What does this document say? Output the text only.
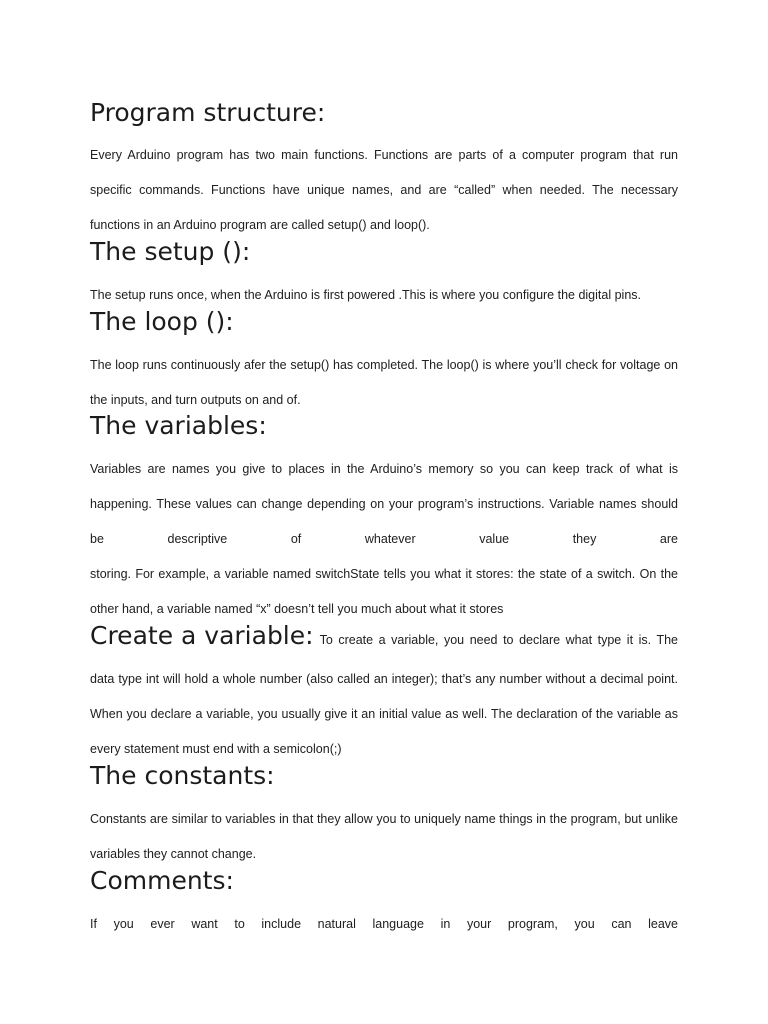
Program structure:
Every Arduino program has two main functions. Functions are parts of a computer program that run
specific commands. Functions have unique names, and are “called” when needed. The necessary
functions in an Arduino program are called setup() and loop().
The setup ():
The setup runs once, when the Arduino is first powered .This is where you configure the digital pins.
The loop ():
The loop runs continuously afer the setup() has completed. The loop() is where you’ll check for voltage on
the inputs, and turn outputs on and of.
The variables:
Variables are names you give to places in the Arduino’s memory so you can keep track of what is
happening. These values can change depending on your program’s instructions. Variable names should
be descriptive of whatever value they are
storing. For example, a variable named switchState tells you what it stores: the state of a switch. On the
other hand, a variable named “x” doesn’t tell you much about what it stores
Create a variable: To create a variable, you need to declare what type it is. The
data type int will hold a whole number (also called an integer); that’s any number without a decimal point.
When you declare a variable, you usually give it an initial value as well. The declaration of the variable as
every statement must end with a semicolon(;)
The constants:
Constants are similar to variables in that they allow you to uniquely name things in the program, but unlike
variables they cannot change.
Comments:
If you ever want to include natural language in your program, you can leave
